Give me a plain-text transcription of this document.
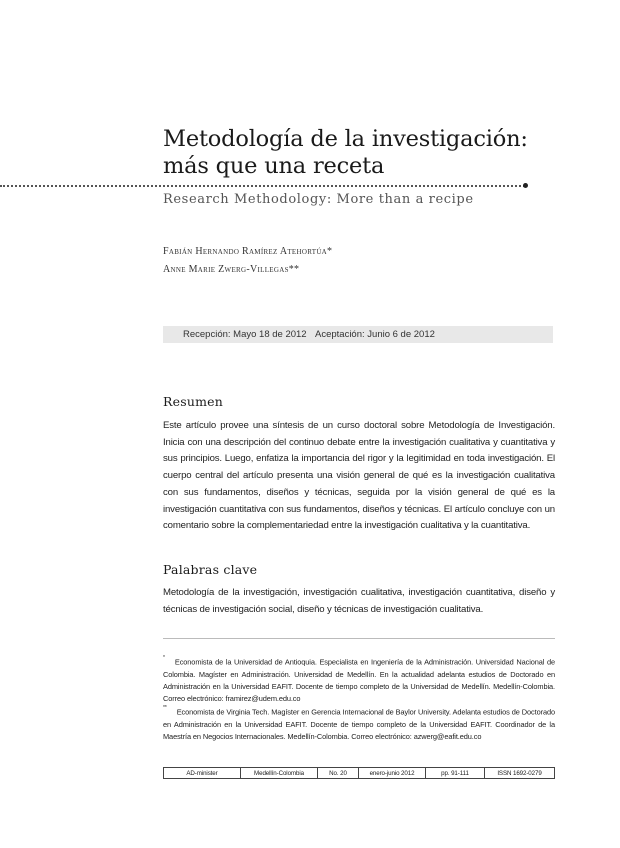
Metodología de la investigación:
más que una receta
Research Methodology: More than a recipe
Fabián Hernando Ramírez Atehortúa*
Anne Marie Zwerg-Villegas**
Recepción: Mayo 18 de 2012 Aceptación: Junio 6 de 2012
Resumen
Este artículo provee una síntesis de un curso doctoral sobre Metodología de Investigación. Inicia con una descripción del continuo debate entre la investigación cualitativa y cuantitativa y sus principios. Luego, enfatiza la importancia del rigor y la legitimidad en toda investigación. El cuerpo central del artículo presenta una visión general de qué es la investigación cualitativa con sus fundamentos, diseños y técnicas, seguida por la visión general de qué es la investigación cuantitativa con sus fundamentos, diseños y técnicas. El artículo concluye con un comentario sobre la complementariedad entre la investigación cualitativa y la cuantitativa.
Palabras clave
Metodología de la investigación, investigación cualitativa, investigación cuantitativa, diseño y técnicas de investigación social, diseño y técnicas de investigación cualitativa.
* Economista de la Universidad de Antioquia. Especialista en Ingeniería de la Administración. Universidad Nacional de Colombia. Magíster en Administración. Universidad de Medellín. En la actualidad adelanta estudios de Doctorado en Administración en la Universidad EAFIT. Docente de tiempo completo de la Universidad de Medellín. Medellín-Colombia. Correo electrónico: framirez@udem.edu.co
** Economista de Virginia Tech. Magíster en Gerencia Internacional de Baylor University. Adelanta estudios de Doctorado en Administración en la Universidad EAFIT. Docente de tiempo completo de la Universidad EAFIT. Coordinador de la Maestría en Negocios Internacionales. Medellín-Colombia. Correo electrónico: azwerg@eafit.edu.co
AD-minister	Medellín-Colombia	No. 20	enero-junio 2012	pp. 91-111	ISSN 1692-0279
